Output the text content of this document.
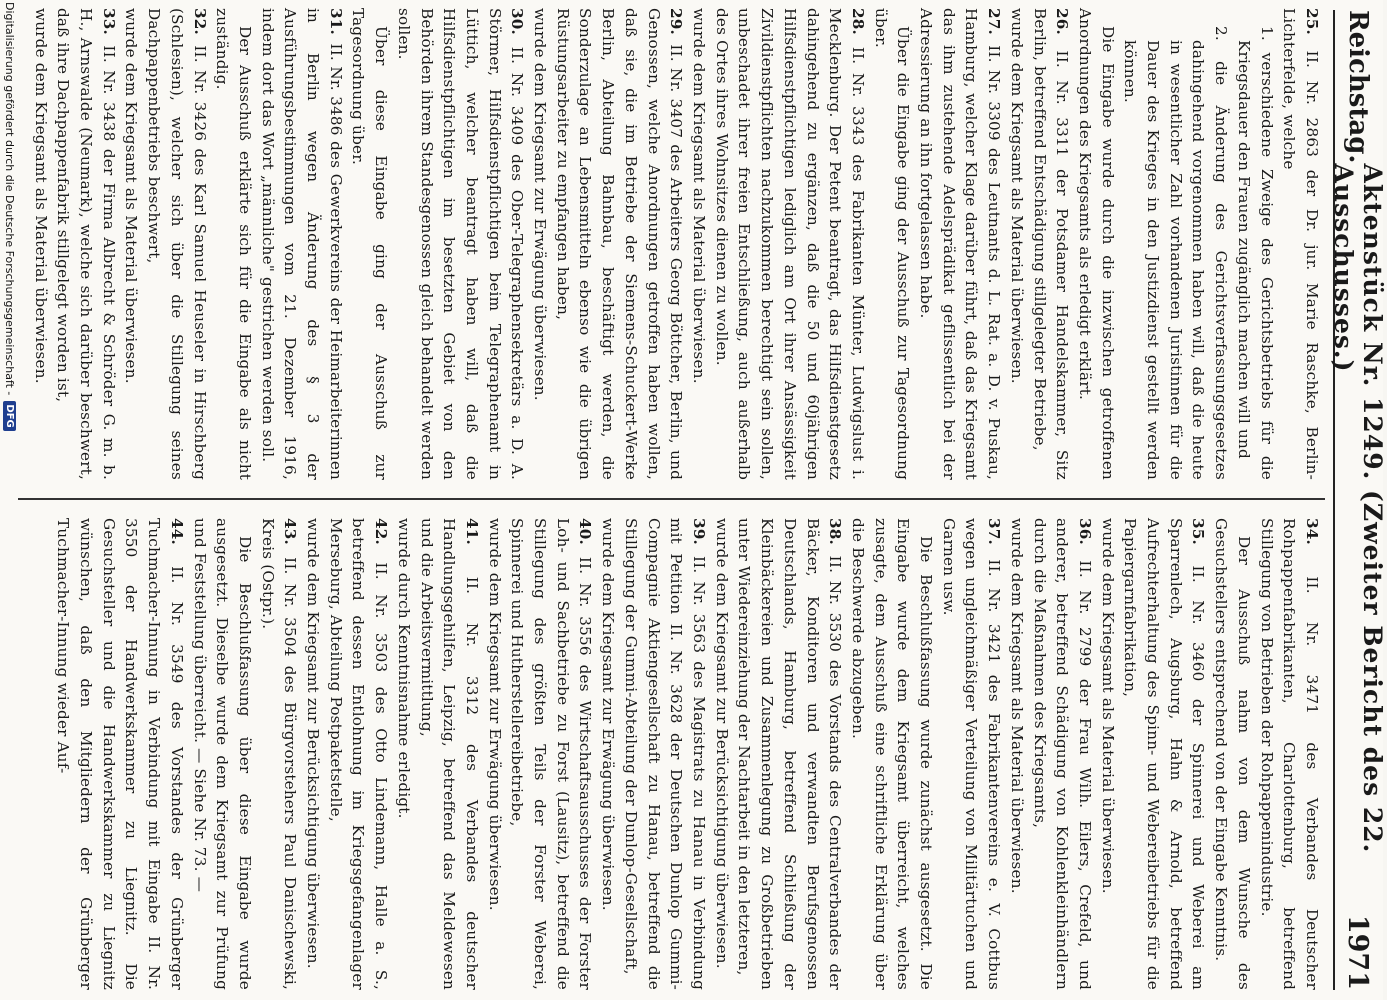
Reichstag.
Aktenstück Nr. 1249. (Zweiter Bericht des 22. Ausschusses.)
1971

25. II. Nr. 2863 der Dr. jur. Marie Raschke, Berlin-Lichterfelde, welche

1. verschiedene Zweige des Gerichtsbetriebs für die Kriegsdauer den Frauen zugänglich machen will und

2. die Änderung des Gerichtsverfassungsgesetzes dahingehend vorgenommen haben will, daß die heute in wesentlicher Zahl vorhandenen Juristinnen für die Dauer des Krieges in den Justizdienst gestellt werden können.

Die Eingabe wurde durch die inzwischen getroffenen Anordnungen des Kriegsamts als erledigt erklärt.

26. II. Nr. 3311 der Potsdamer Handelskammer, Sitz Berlin, betreffend Entschädigung stillgelegter Betriebe,

wurde dem Kriegsamt als Material überwiesen.

27. II. Nr. 3309 des Leutnants d. L. Rat. a. D. v. Puskau, Hamburg, welcher Klage darüber führt, daß das Kriegsamt das ihm zustehende Adelsprädikat geflissentlich bei der Adressierung an ihn fortgelassen habe.

Über die Eingabe ging der Ausschuß zur Tagesordnung über.

28. II. Nr. 3343 des Fabrikanten Münter, Ludwigslust i. Mecklenburg. Der Petent beantragt, das Hilfsdienstgesetz dahingehend zu ergänzen, daß die 50 und 60jährigen Hilfsdienstpflichtigen lediglich am Ort ihrer Ansässigkeit Zivildienstpflichten nachzukommen berechtigt sein sollen, unbeschadet ihrer freien Entschließung, auch außerhalb des Ortes ihres Wohnsitzes dienen zu wollen.

wurde dem Kriegsamt als Material überwiesen.

29. II. Nr. 3407 des Arbeiters Georg Böttcher, Berlin, und Genossen, welche Anordnungen getroffen haben wollen, daß sie, die im Betriebe der Siemens-Schuckert-Werke Berlin, Abteilung Bahnbau, beschäftigt werden, die Sonderzulage an Lebensmitteln ebenso wie die übrigen Rüstungsarbeiter zu empfangen haben,

wurde dem Kriegsamt zur Erwägung überwiesen.

30. II. Nr. 3409 des Ober-Telegraphensekretärs a. D. A. Störmer, Hilfsdienstpflichtigen beim Telegraphenamt in Lüttich, welcher beantragt haben will, daß die Hilfsdienstpflichtigen im besetzten Gebiet von den Behörden ihrem Standesgenossen gleich behandelt werden sollen.

Über diese Eingabe ging der Ausschuß zur Tagesordnung über.

31. II. Nr. 3486 des Gewerkvereins der Heimarbeiterinnen in Berlin wegen Änderung des § 3 der Ausführungsbestimmungen vom 21. Dezember 1916, indem dort das Wort „männliche" gestrichen werden soll.

Der Ausschuß erklärte sich für die Eingabe als nicht zuständig.

32. II. Nr. 3426 des Karl Samuel Heuseler in Hirschberg (Schlesien), welcher sich über die Stillegung seines Dachpappenbetriebs beschwert,

wurde dem Kriegsamt als Material überwiesen.

33. II. Nr. 3438 der Firma Albrecht & Schröder G. m. b. H., Arnswalde (Neumark), welche sich darüber beschwert, daß ihre Dachpappenfabrik stillgelegt worden ist,

wurde dem Kriegsamt als Material überwiesen.

34. II. Nr. 3471 des Verbandes Deutscher Rohpappenfabrikanten, Charlottenburg, betreffend Stillegung von Betrieben der Rohpappenindustrie.

Der Ausschuß nahm von dem Wunsche des Gesuchstellers entsprechend von der Eingabe Kenntnis.

35. II. Nr. 3460 der Spinnerei und Weberei am Sparrenlech, Augsburg, Hahn & Arnold, betreffend Aufrechterhaltung des Spinn- und Webereibetriebs für die Papiergarnfabrikation,

wurde dem Kriegsamt als Material überwiesen.

36. II. Nr. 2799 der Frau Wilh. Eilers, Crefeld, und anderer, betreffend Schädigung von Kohlenkleinhändlern durch die Maßnahmen des Kriegsamts,

wurde dem Kriegsamt als Material überwiesen.

37. II. Nr. 3421 des Fabrikantenvereins e. V. Cottbus wegen ungleichmäßiger Verteilung von Militärtuchen und Garnen usw.

Die Beschlußfassung wurde zunächst ausgesetzt. Die Eingabe wurde dem Kriegsamt überreicht, welches zusagte, dem Ausschuß eine schriftliche Erklärung über die Beschwerde abzugeben.

38. II. Nr. 3530 des Vorstands des Centralverbandes der Bäcker, Konditoren und verwandten Berufsgenossen Deutschlands, Hamburg, betreffend Schließung der Kleinbäckereien und Zusammenlegung zu Großbetrieben unter Wiedereinziehung der Nachtarbeit in den letzteren,

wurde dem Kriegsamt zur Berücksichtigung überwiesen.

39. II. Nr. 3563 des Magistrats zu Hanau in Verbindung mit Petition II. Nr. 3628 der Deutschen Dunlop Gummi-Compagnie Aktiengesellschaft zu Hanau, betreffend die Stillegung der Gummi-Abteilung der Dunlop-Gesellschaft,

wurde dem Kriegsamt zur Erwägung überwiesen.

40. II. Nr. 3556 des Wirtschaftsausschusses der Forster Loh- und Sachbetriebe zu Forst (Lausitz), betreffend die Stillegung des größten Teils der Forster Weberei, Spinnerei und Hutherstellereibetriebe,

wurde dem Kriegsamt zur Erwägung überwiesen.

41. II. Nr. 3312 des Verbandes deutscher Handlungsgehilfen, Leipzig, betreffend das Meldewesen und die Arbeitsvermittlung,

wurde durch Kenntnisnahme erledigt.

42. II. Nr. 3503 des Otto Lindemann, Halle a. S., betreffend dessen Entlohnung im Kriegsgefangenlager Merseburg, Abteilung Postpaketstelle,

wurde dem Kriegsamt zur Berücksichtigung überwiesen.

43. II. Nr. 3504 des Bürgvorstehers Paul Danischewski, Kreis (Ostpr.).

Die Beschlußfassung über diese Eingabe wurde ausgesetzt. Dieselbe wurde dem Kriegsamt zur Prüfung und Feststellung überreicht. — Siehe Nr. 73. —

44. II. Nr. 3549 des Vorstandes der Grünberger Tuchmacher-Innung in Verbindung mit Eingabe II. Nr. 3550 der Handwerkskammer zu Liegnitz. Die Gesuchsteller und die Handwerkskammer zu Liegnitz wünschen, daß den Mitgliedern der Grünberger Tuchmacher-Innung wieder Auf-

Digitalisierung gefördert durch die Deutsche Forschungsgemeinschaft -
DFG
